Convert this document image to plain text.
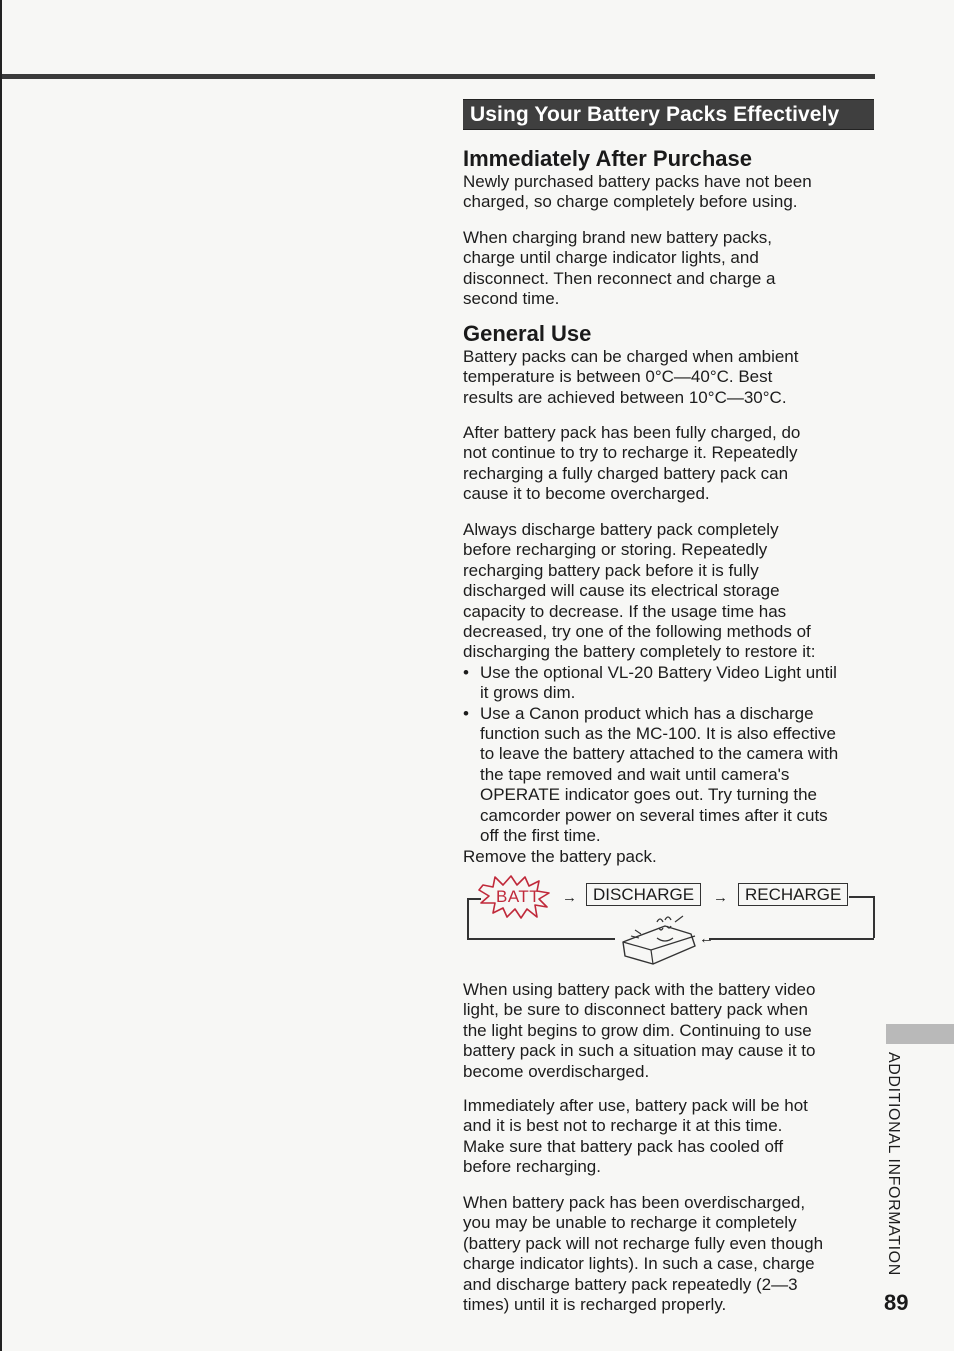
Using Your Battery Packs Effectively
Immediately After Purchase

Newly purchased battery packs have not been

charged, so charge completely before using.

When charging brand new battery packs,

charge until charge indicator lights, and

disconnect. Then reconnect and charge a

second time.

General Use

Battery packs can be charged when ambient

temperature is between 0°C—40°C. Best

results are achieved between 10°C—30°C.

After battery pack has been fully charged, do

not continue to try to recharge it. Repeatedly

recharging a fully charged battery pack can

cause it to become overcharged.

Always discharge battery pack completely

before recharging or storing. Repeatedly

recharging battery pack before it is fully

discharged will cause its electrical storage

capacity to decrease. If the usage time has

decreased, try one of the following methods of

discharging the battery completely to restore it:

• Use the optional VL-20 Battery Video Light until

it grows dim.

• Use a Canon product which has a discharge

function such as the MC-100. It is also effective

to leave the battery attached to the camera with

the tape removed and wait until camera's

OPERATE indicator goes out. Try turning the

camcorder power on several times after it cuts

off the first time.

Remove the battery pack.

←
BATT → DISCHARGE	→	RECHARGE

When using battery pack with the battery video

light, be sure to disconnect battery pack when

the light begins to grow dim. Continuing to use

battery pack in such a situation may cause it to

become overdischarged.

Immediately after use, battery pack will be hot

and it is best not to recharge it at this time.

Make sure that battery pack has cooled off

before recharging.

When battery pack has been overdischarged,

you may be unable to recharge it completely

(battery pack will not recharge fully even though

charge indicator lights). In such a case, charge

and discharge battery pack repeatedly (2—3

times) until it is recharged properly.

ADDITIONAL INFORMATION
89
